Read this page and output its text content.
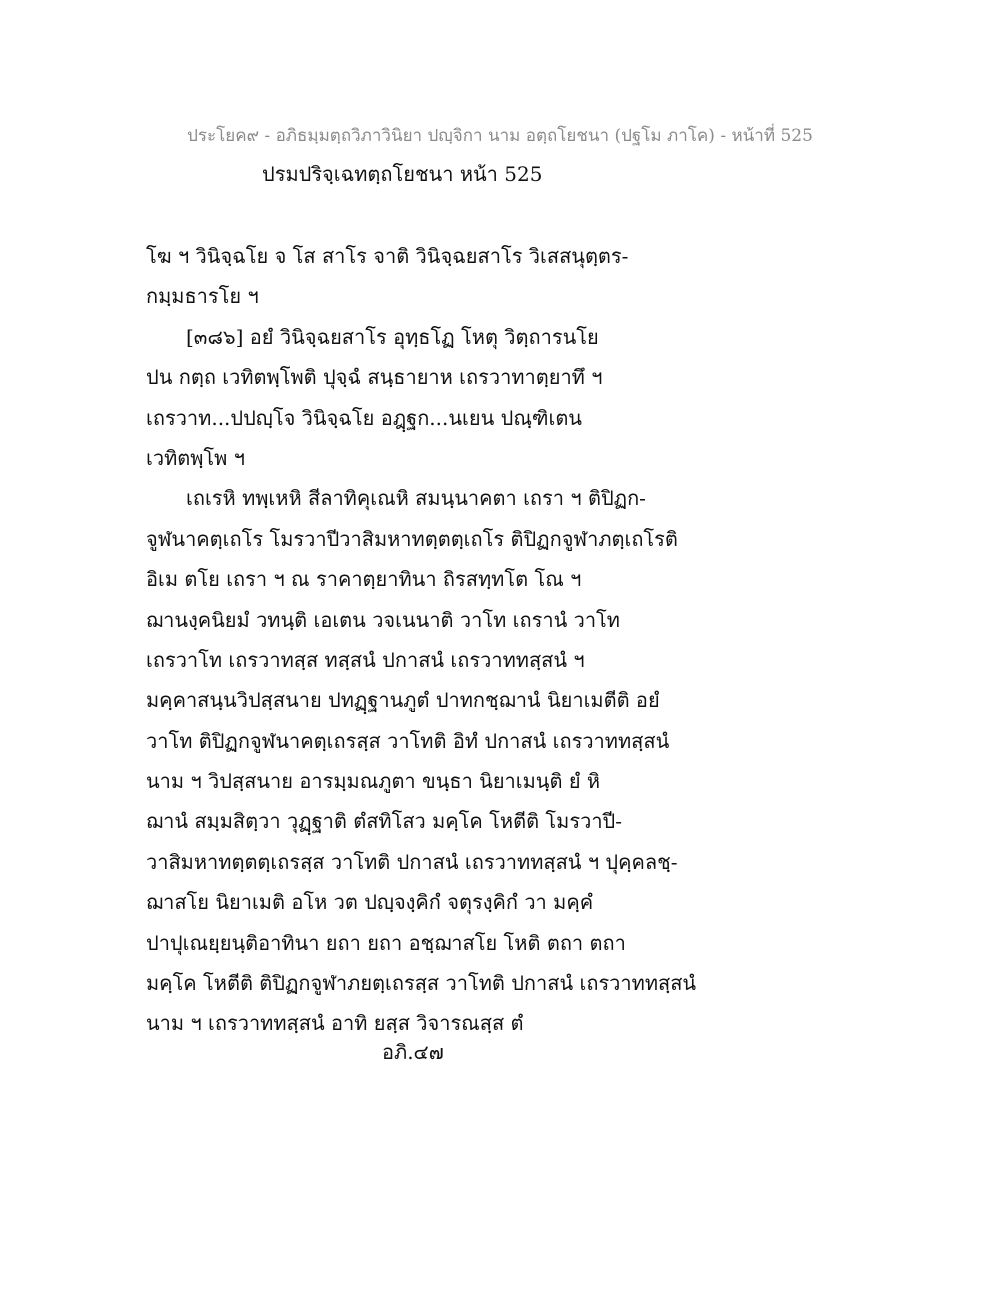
ประโยค๙ - อภิธมฺมตฺถวิภาวินิยา ปญฺจิกา นาม อตฺถโยชนา (ปฐโม ภาโค) - หน้าที่ 525
ปรมปริจฺเฉทตฺถโยชนา หน้า 525
โฆ ฯ วินิจฺฉโย จ โส สาโร จาติ วินิจฺฉยสาโร วิเสสนุตฺตร-
กมฺมธารโย ฯ
[๓๘๖] อยํ วินิจฺฉยสาโร อุทฺธโฏ โหตุ วิตฺถารนโย
ปน กตฺถ เวทิตพฺโพติ ปุจฺฉํ สนฺธายาห เถรวาทาตฺยาทึ ฯ
เถรวาท...ปปญฺโจ วินิจฺฉโย อฎฺฐก...นเยน ปณฺฑิเตน
เวทิตพฺโพ ฯ
เถเรหิ ทพฺเหหิ สีลาทิคุเณหิ สมนฺนาคตา เถรา ฯ ติปิฏก-
จูฬนาคตฺเถโร โมรวาปีวาสิมหาทตฺตตฺเถโร ติปิฏกจูฬาภตฺเถโรติ
อิเม ตโย เถรา ฯ ณ ราคาตฺยาทินา ถิรสทฺทโต โณ ฯ
ฌานงฺคนิยมํ วทนฺติ เอเตน วจเนนาติ วาโท เถรานํ วาโท
เถรวาโท เถรวาทสฺส ทสฺสนํ ปกาสนํ เถรวาททสฺสนํ ฯ
มคฺคาสนฺนวิปสฺสนาย ปทฏฺฐานภูตํ ปาทกชฺฌานํ นิยาเมตีติ อยํ
วาโท ติปิฏกจูฬนาคตฺเถรสฺส วาโทติ อิทํ ปกาสนํ เถรวาททสฺสนํ
นาม ฯ วิปสฺสนาย อารมฺมณภูตา ขนฺธา นิยาเมนฺติ ยํ หิ
ฌานํ สมฺมสิตฺวา วุฏฺฐาติ ตํสทิโสว มคฺโค โหตีติ โมรวาปี-
วาสิมหาทตฺตตฺเถรสฺส วาโทติ ปกาสนํ เถรวาททสฺสนํ ฯ ปุคฺคลชฺ-
ฌาสโย นิยาเมติ อโห วต ปญฺจงฺคิกํ จตุรงฺคิกํ วา มคฺคํ
ปาปุเณยฺยนฺติอาทินา ยถา ยถา อชฺฌาสโย โหติ ตถา ตถา
มคฺโค โหตีติ ติปิฏกจูฬาภยตฺเถรสฺส วาโทติ ปกาสนํ เถรวาททสฺสนํ
นาม ฯ เถรวาททสฺสนํ อาทิ ยสฺส วิจารณสฺส ตํ
อภิ.๔๗
